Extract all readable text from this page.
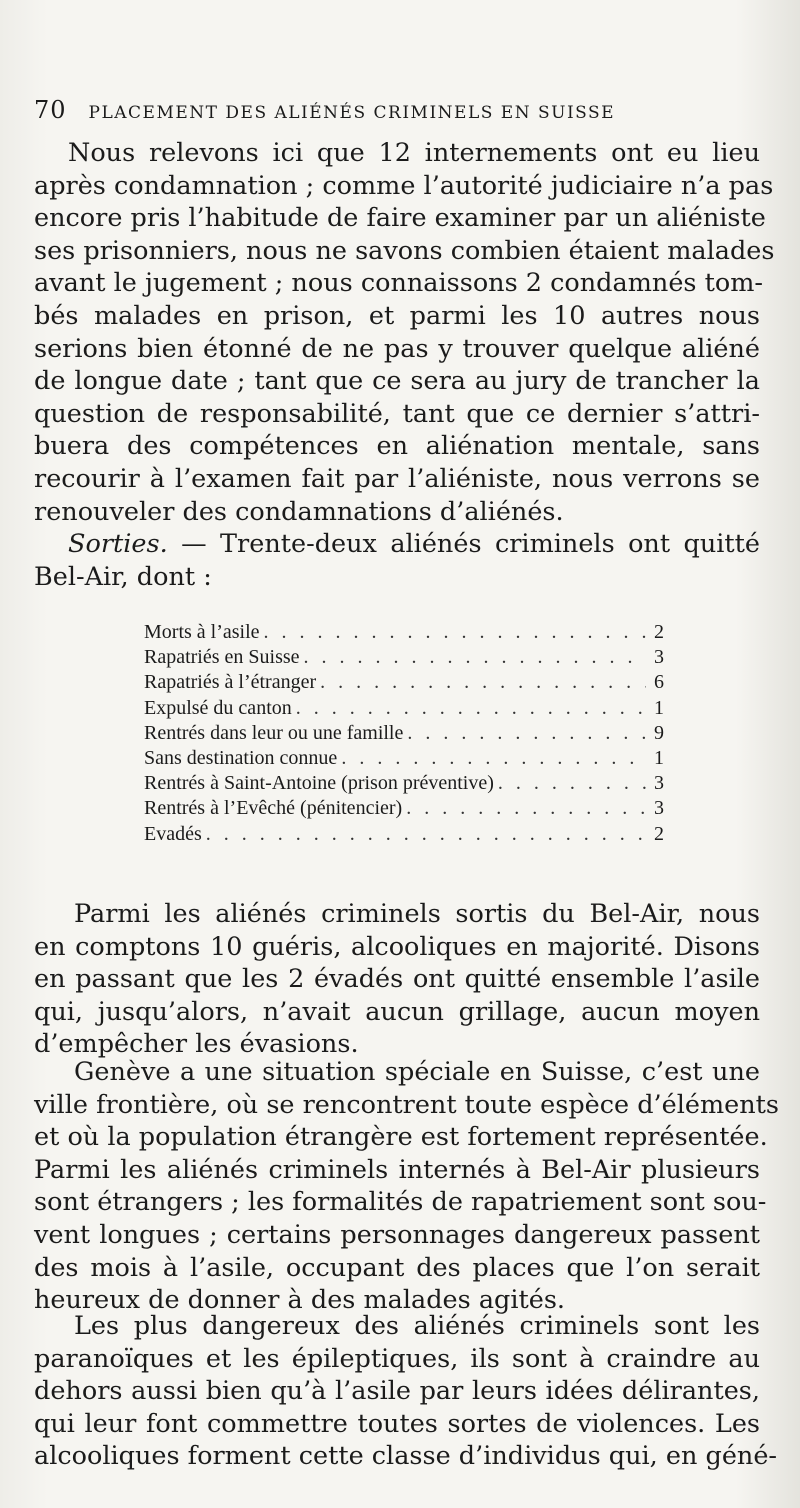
70 PLACEMENT DES ALIÉNÉS CRIMINELS EN SUISSE
Nous relevons ici que 12 internements ont eu lieu
après condamnation ; comme l’autorité judiciaire n’a pas
encore pris l’habitude de faire examiner par un aliéniste
ses prisonniers, nous ne savons combien étaient malades
avant le jugement ; nous connaissons 2 condamnés tom-
bés malades en prison, et parmi les 10 autres nous
serions bien étonné de ne pas y trouver quelque aliéné
de longue date ; tant que ce sera au jury de trancher la
question de responsabilité, tant que ce dernier s’attri-
buera des compétences en aliénation mentale, sans
recourir à l’examen fait par l’aliéniste, nous verrons se
renouveler des condamnations d’aliénés.
Sorties. — Trente-deux aliénés criminels ont quitté
Bel-Air, dont :
Morts à l’asile . . .	2
Rapatriés en Suisse . . .	3
Rapatriés à l’étranger . . .	6
Expulsé du canton . . .	1
Rentrés dans leur ou une famille . . .	9
Sans destination connue . . .	1
Rentrés à Saint-Antoine (prison préventive) . . .	3
Rentrés à l’Evêché (pénitencier) . . .	3
Evadés . . .	2
Parmi les aliénés criminels sortis du Bel-Air, nous
en comptons 10 guéris, alcooliques en majorité. Disons
en passant que les 2 évadés ont quitté ensemble l’asile
qui, jusqu’alors, n’avait aucun grillage, aucun moyen
d’empêcher les évasions.
Genève a une situation spéciale en Suisse, c’est une
ville frontière, où se rencontrent toute espèce d’éléments
et où la population étrangère est fortement représentée.
Parmi les aliénés criminels internés à Bel-Air plusieurs
sont étrangers ; les formalités de rapatriement sont sou-
vent longues ; certains personnages dangereux passent
des mois à l’asile, occupant des places que l’on serait
heureux de donner à des malades agités.
Les plus dangereux des aliénés criminels sont les
paranoïques et les épileptiques, ils sont à craindre au
dehors aussi bien qu’à l’asile par leurs idées délirantes,
qui leur font commettre toutes sortes de violences. Les
alcooliques forment cette classe d’individus qui, en géné-
